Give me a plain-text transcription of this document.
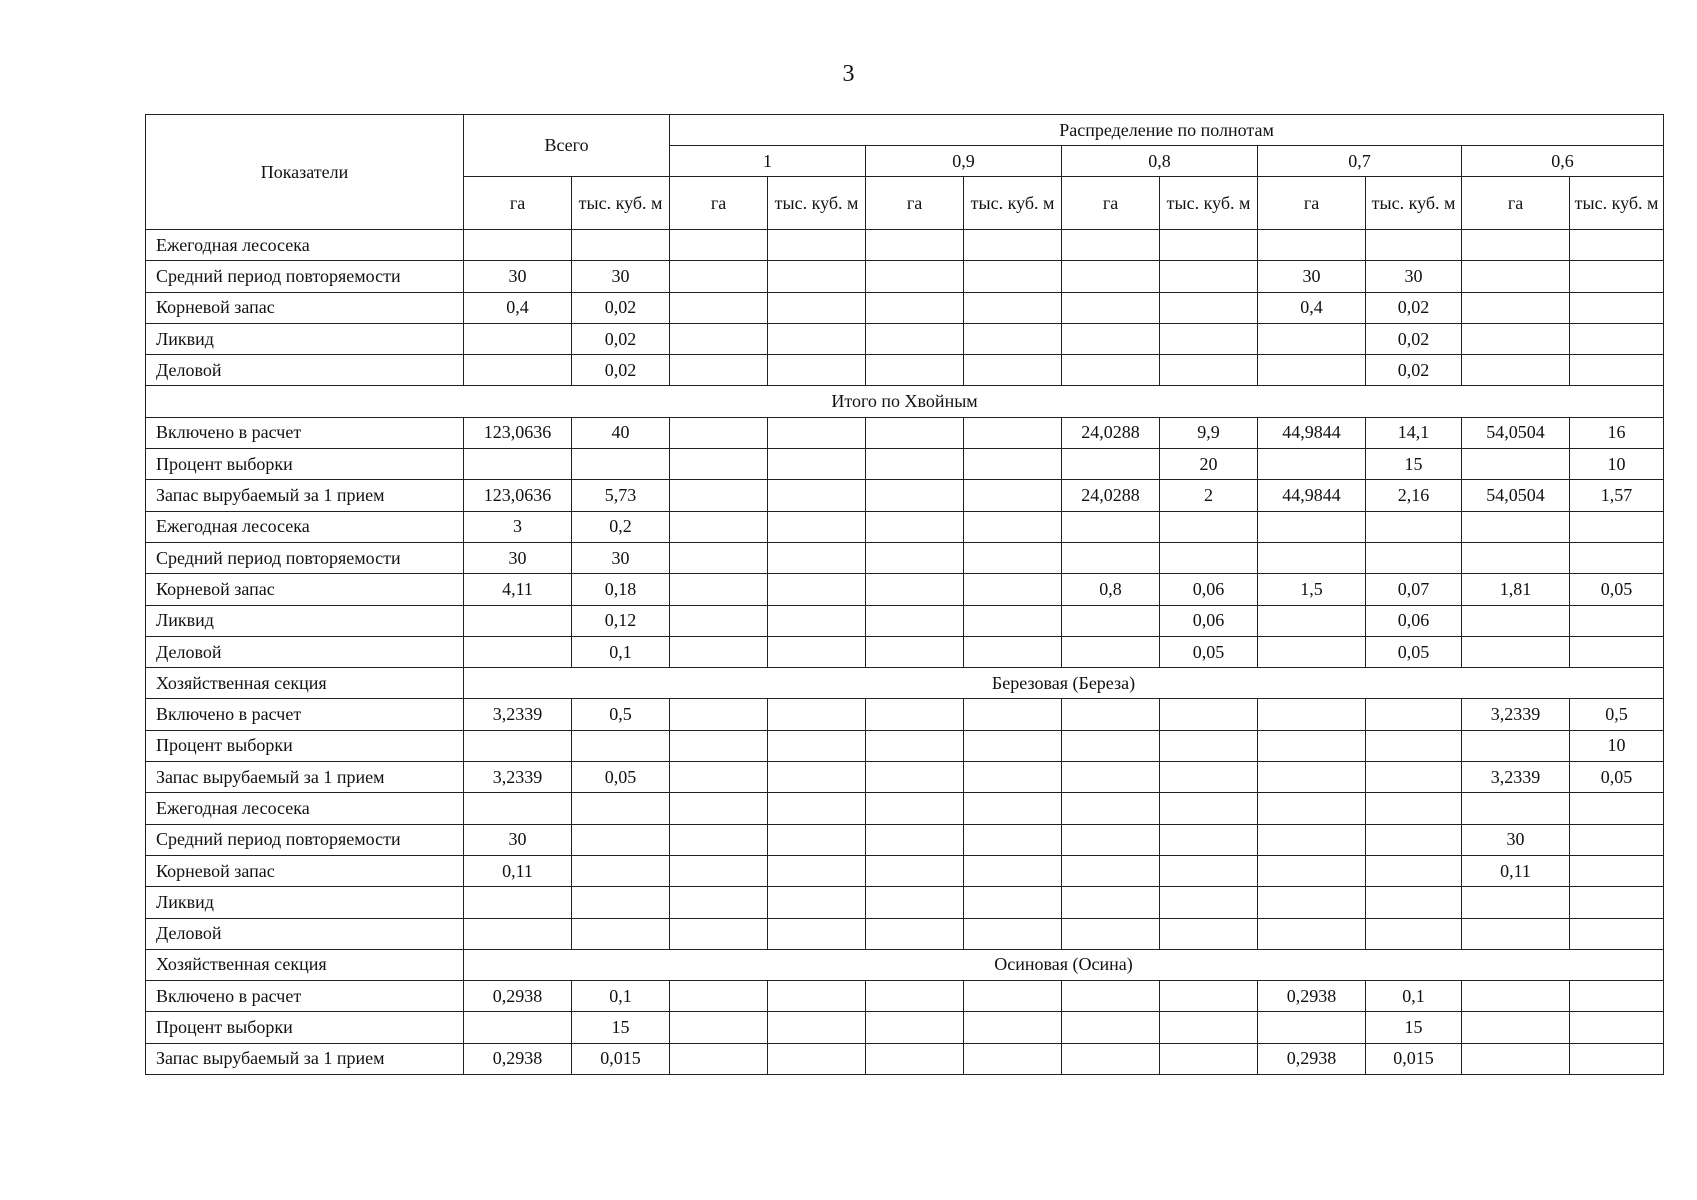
3
Показатели	Всего		Распределение по полнотам									
			1		0,9		0,8		0,7		0,6	
	га	тыс. куб. м	га	тыс. куб. м	га	тыс. куб. м	га	тыс. куб. м	га	тыс. куб. м	га	тыс. куб. м
Ежегодная лесосека												
Средний период повторяемости	30	30							30	30		
Корневой запас	0,4	0,02							0,4	0,02		
Ликвид		0,02								0,02		
Деловой		0,02								0,02		
Итого по Хвойным												
Включено в расчет	123,0636	40					24,0288	9,9	44,9844	14,1	54,0504	16
Процент выборки								20		15		10
Запас вырубаемый за 1 прием	123,0636	5,73					24,0288	2	44,9844	2,16	54,0504	1,57
Ежегодная лесосека	3	0,2										
Средний период повторяемости	30	30										
Корневой запас	4,11	0,18					0,8	0,06	1,5	0,07	1,81	0,05
Ликвид		0,12						0,06		0,06		
Деловой		0,1						0,05		0,05		
Хозяйственная секция	Березовая (Береза)											
Включено в расчет	3,2339	0,5									3,2339	0,5
Процент выборки												10
Запас вырубаемый за 1 прием	3,2339	0,05									3,2339	0,05
Ежегодная лесосека												
Средний период повторяемости	30										30	
Корневой запас	0,11										0,11	
Ликвид												
Деловой												
Хозяйственная секция	Осиновая (Осина)											
Включено в расчет	0,2938	0,1							0,2938	0,1		
Процент выборки		15								15		
Запас вырубаемый за 1 прием	0,2938	0,015							0,2938	0,015		
